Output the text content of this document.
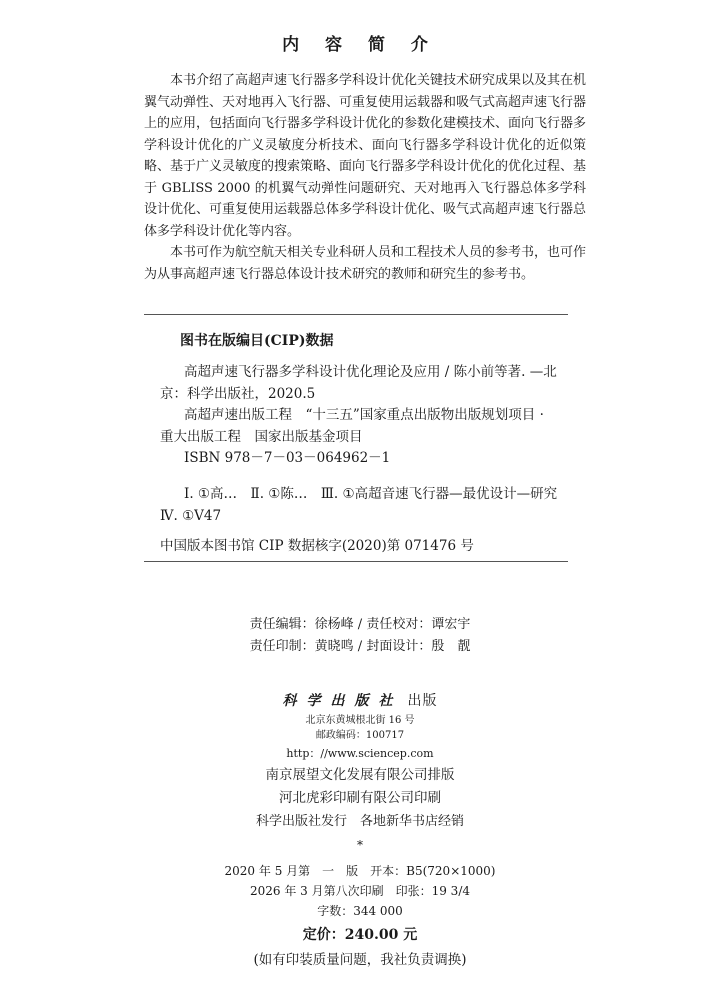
内 容 简 介

本书介绍了高超声速飞行器多学科设计优化关键技术研究成果以及其在机翼气动弹性、天对地再入飞行器、可重复使用运载器和吸气式高超声速飞行器上的应用，包括面向飞行器多学科设计优化的参数化建模技术、面向飞行器多学科设计优化的广义灵敏度分析技术、面向飞行器多学科设计优化的近似策略、基于广义灵敏度的搜索策略、面向飞行器多学科设计优化的优化过程、基于 GBLISS 2000 的机翼气动弹性问题研究、天对地再入飞行器总体多学科设计优化、可重复使用运载器总体多学科设计优化、吸气式高超声速飞行器总体多学科设计优化等内容。

本书可作为航空航天相关专业科研人员和工程技术人员的参考书，也可作为从事高超声速飞行器总体设计技术研究的教师和研究生的参考书。

图书在版编目(CIP)数据

高超声速飞行器多学科设计优化理论及应用 / 陈小前等著. —北京：科学出版社，2020.5

高超声速出版工程　“十三五”国家重点出版物出版规划项目 · 重大出版工程　国家出版基金项目

ISBN 978－7－03－064962－1

Ⅰ. ①高…　Ⅱ. ①陈…　Ⅲ. ①高超音速飞行器—最优设计—研究　Ⅳ. ①V47

中国版本图书馆 CIP 数据核字(2020)第 071476 号

责任编辑：徐杨峰 / 责任校对：谭宏宇
责任印制：黄晓鸣 / 封面设计：殷　靓
科学出版社 出版
北京东黄城根北街 16 号
邮政编码：100717
http：//www.sciencep.com
南京展望文化发展有限公司排版
河北虎彩印刷有限公司印刷
科学出版社发行　各地新华书店经销
*
2020 年 5 月第　一　版　开本：B5(720×1000)
2026 年 3 月第八次印刷　印张：19 3/4
字数：344 000
定价：240.00 元
(如有印装质量问题，我社负责调换)
